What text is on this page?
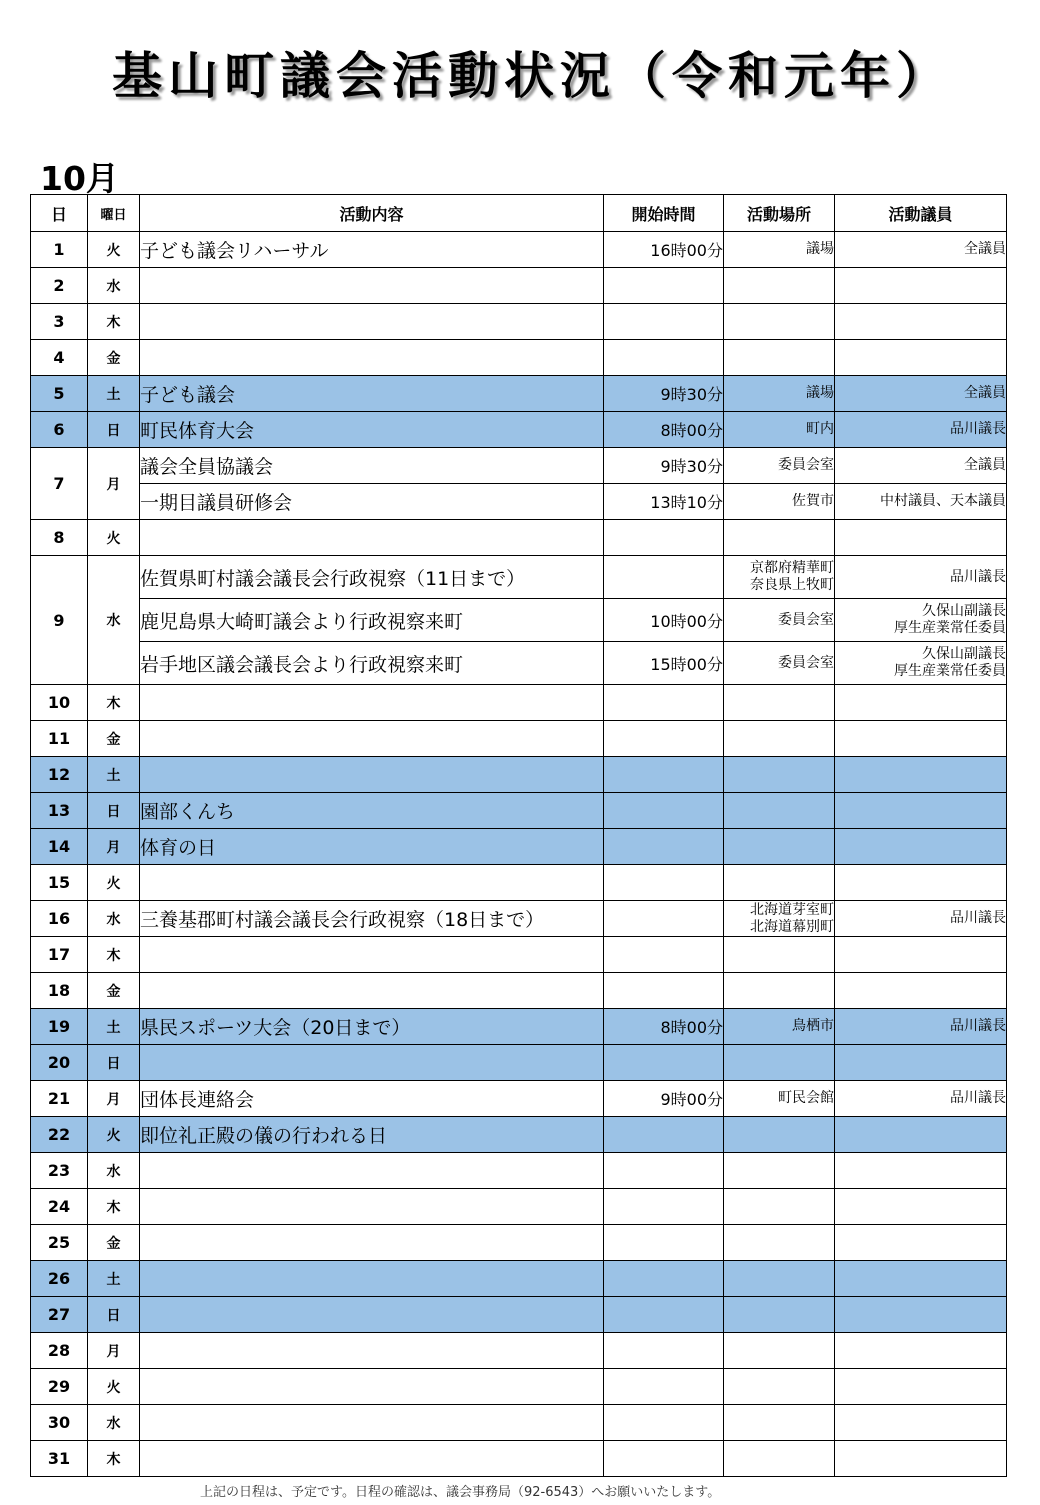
基山町議会活動状況（令和元年）
10月
日	曜日	活動内容	開始時間	活動場所	活動議員
1	火	子ども議会リハーサル	16時00分	議場	全議員

2	水				
3	木				
4	金				
5	土	子ども議会	9時30分	議場	全議員

6	日	町民体育大会	8時00分	町内	品川議長

7	月	議会全員協議会	9時30分	委員会室	全議員

		一期目議員研修会	13時10分	佐賀市	中村議員、天本議員

8	火				
9	水	佐賀県町村議会議長会行政視察（11日まで）		京都府精華町
奈良県上牧町	品川議長

		鹿児島県大崎町議会より行政視察来町	10時00分	委員会室	久保山副議長
厚生産業常任委員

		岩手地区議会議長会より行政視察来町	15時00分	委員会室	久保山副議長
厚生産業常任委員

10	木				
11	金				
12	土				
13	日	園部くんち			
14	月	体育の日			
15	火				
16	水	三養基郡町村議会議長会行政視察（18日まで）		北海道芽室町
北海道幕別町	品川議長

17	木				
18	金				
19	土	県民スポーツ大会（20日まで）	8時00分	鳥栖市	品川議長

20	日				
21	月	団体長連絡会	9時00分	町民会館	品川議長

22	火	即位礼正殿の儀の行われる日			
23	水				
24	木				
25	金				
26	土				
27	日				
28	月				
29	火				
30	水				
31	木				
上記の日程は、予定です。日程の確認は、議会事務局（92-6543）へお願いいたします。
